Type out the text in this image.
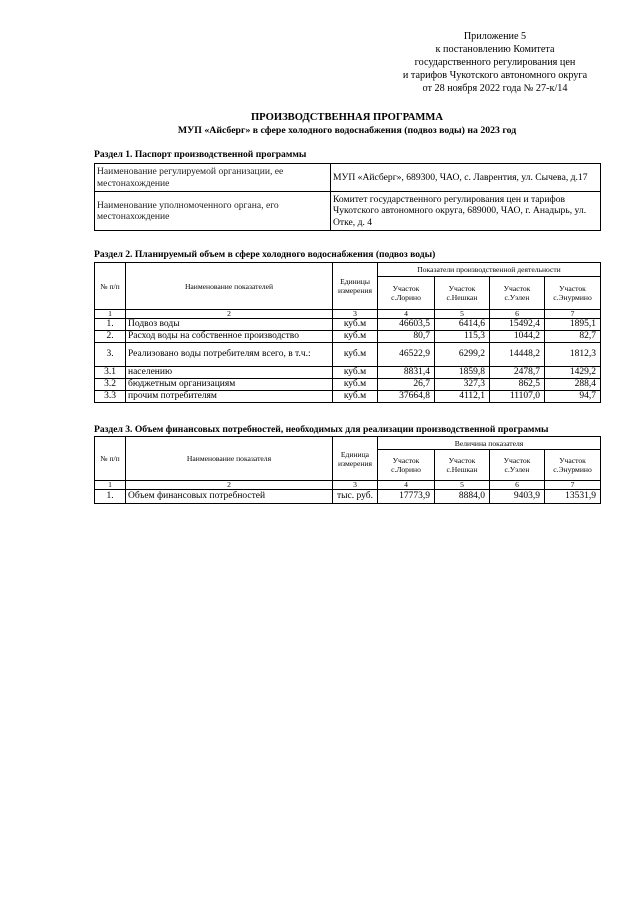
Приложение 5
к постановлению Комитета
государственного регулирования цен
и тарифов Чукотского автономного округа
от 28 ноября 2022 года № 27-к/14
ПРОИЗВОДСТВЕННАЯ ПРОГРАММА
МУП «Айсберг» в сфере холодного водоснабжения (подвоз воды) на 2023 год
Раздел 1. Паспорт производственной программы
Наименование регулируемой организации, ее местонахождение	МУП «Айсберг», 689300, ЧАО, с. Лаврентия, ул. Сычева, д.17
Наименование уполномоченного органа, его местонахождение	Комитет государственного регулирования цен и тарифов Чукотского автономного округа, 689000, ЧАО, г. Анадырь, ул. Отке, д. 4
Раздел 2. Планируемый объем в сфере холодного водоснабжения (подвоз воды)
№ п/п	Наименование показателей	Единицы измерения	Показатели производственной деятельности			
			Участок с.Лорино	Участок с.Нешкан	Участок с.Уэлен	Участок с.Энурмино
1	2	3	4	5	6	7
1.	Подвоз воды	куб.м	46603,5	6414,6	15492,4	1895,1
2.	Расход воды на собственное производство	куб.м	80,7	115,3	1044,2	82,7
3.	Реализовано воды потребителям всего, в т.ч.:	куб.м	46522,9	6299,2	14448,2	1812,3
3.1	населению	куб.м	8831,4	1859,8	2478,7	1429,2
3.2	бюджетным организациям	куб.м	26,7	327,3	862,5	288,4
3.3	прочим потребителям	куб.м	37664,8	4112,1	11107,0	94,7
Раздел 3. Объем финансовых потребностей, необходимых для реализации производственной программы
№ п/п	Наименование показателя	Единица измерения	Величина показателя			
			Участок с.Лорино	Участок с.Нешкан	Участок с.Уэлен	Участок с.Энурмино
1	2	3	4	5	6	7
1.	Объем финансовых потребностей	тыс. руб.	17773,9	8884,0	9403,9	13531,9
